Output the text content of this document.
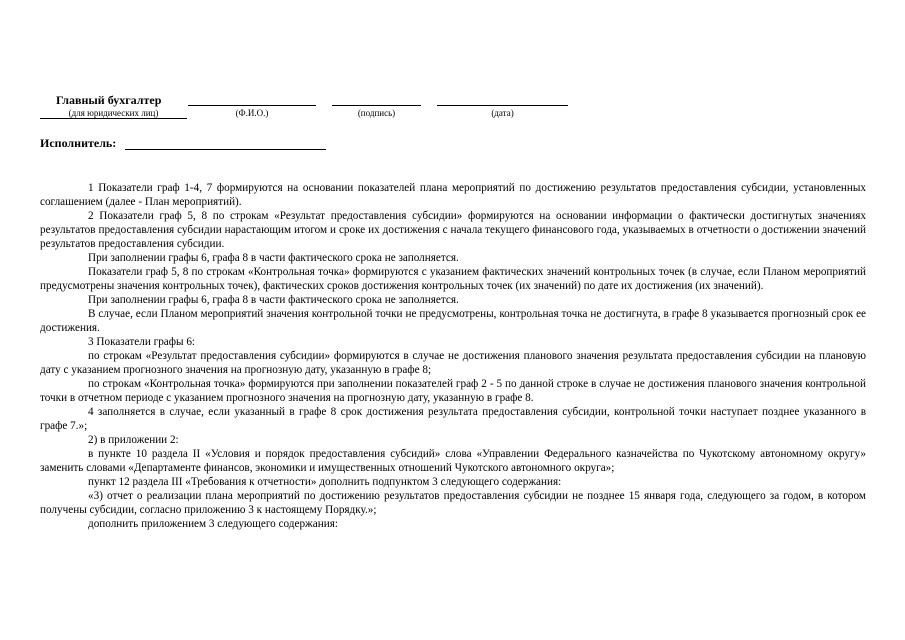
Главный бухгалтер
(для юридических лиц)	(Ф.И.О.)	(подпись)	(дата)
Исполнитель:

1 Показатели граф 1-4, 7 формируются на основании показателей плана мероприятий по достижению результатов предоставления субсидии, установленных соглашением (далее - План мероприятий).

2 Показатели граф 5, 8 по строкам «Результат предоставления субсидии» формируются на основании информации о фактически достигнутых значениях результатов предоставления субсидии нарастающим итогом и сроке их достижения с начала текущего финансового года, указываемых в отчетности о достижении значений результатов предоставления субсидии.

При заполнении графы 6, графа 8 в части фактического срока не заполняется.

Показатели граф 5, 8 по строкам «Контрольная точка» формируются с указанием фактических значений контрольных точек (в случае, если Планом мероприятий предусмотрены значения контрольных точек), фактических сроков достижения контрольных точек (их значений) по дате их достижения (их значений).

При заполнении графы 6, графа 8 в части фактического срока не заполняется.

В случае, если Планом мероприятий значения контрольной точки не предусмотрены, контрольная точка не достигнута, в графе 8 указывается прогнозный срок ее достижения.

3 Показатели графы 6:

по строкам «Результат предоставления субсидии» формируются в случае не достижения планового значения результата предоставления субсидии на плановую дату с указанием прогнозного значения на прогнозную дату, указанную в графе 8;

по строкам «Контрольная точка» формируются при заполнении показателей граф 2 - 5 по данной строке в случае не достижения планового значения контрольной точки в отчетном периоде с указанием прогнозного значения на прогнозную дату, указанную в графе 8.

4 заполняется в случае, если указанный в графе 8 срок достижения результата предоставления субсидии, контрольной точки наступает позднее указанного в графе 7.»;

2) в приложении 2:

в пункте 10 раздела II «Условия и порядок предоставления субсидий» слова «Управлении Федерального казначейства по Чукотскому автономному округу» заменить словами «Департаменте финансов, экономики и имущественных отношений Чукотского автономного округа»;

пункт 12 раздела III «Требования к отчетности» дополнить подпунктом 3 следующего содержания:

«3) отчет о реализации плана мероприятий по достижению результатов предоставления субсидии не позднее 15 января года, следующего за годом, в котором получены субсидии, согласно приложению 3 к настоящему Порядку.»;

дополнить приложением 3 следующего содержания:
